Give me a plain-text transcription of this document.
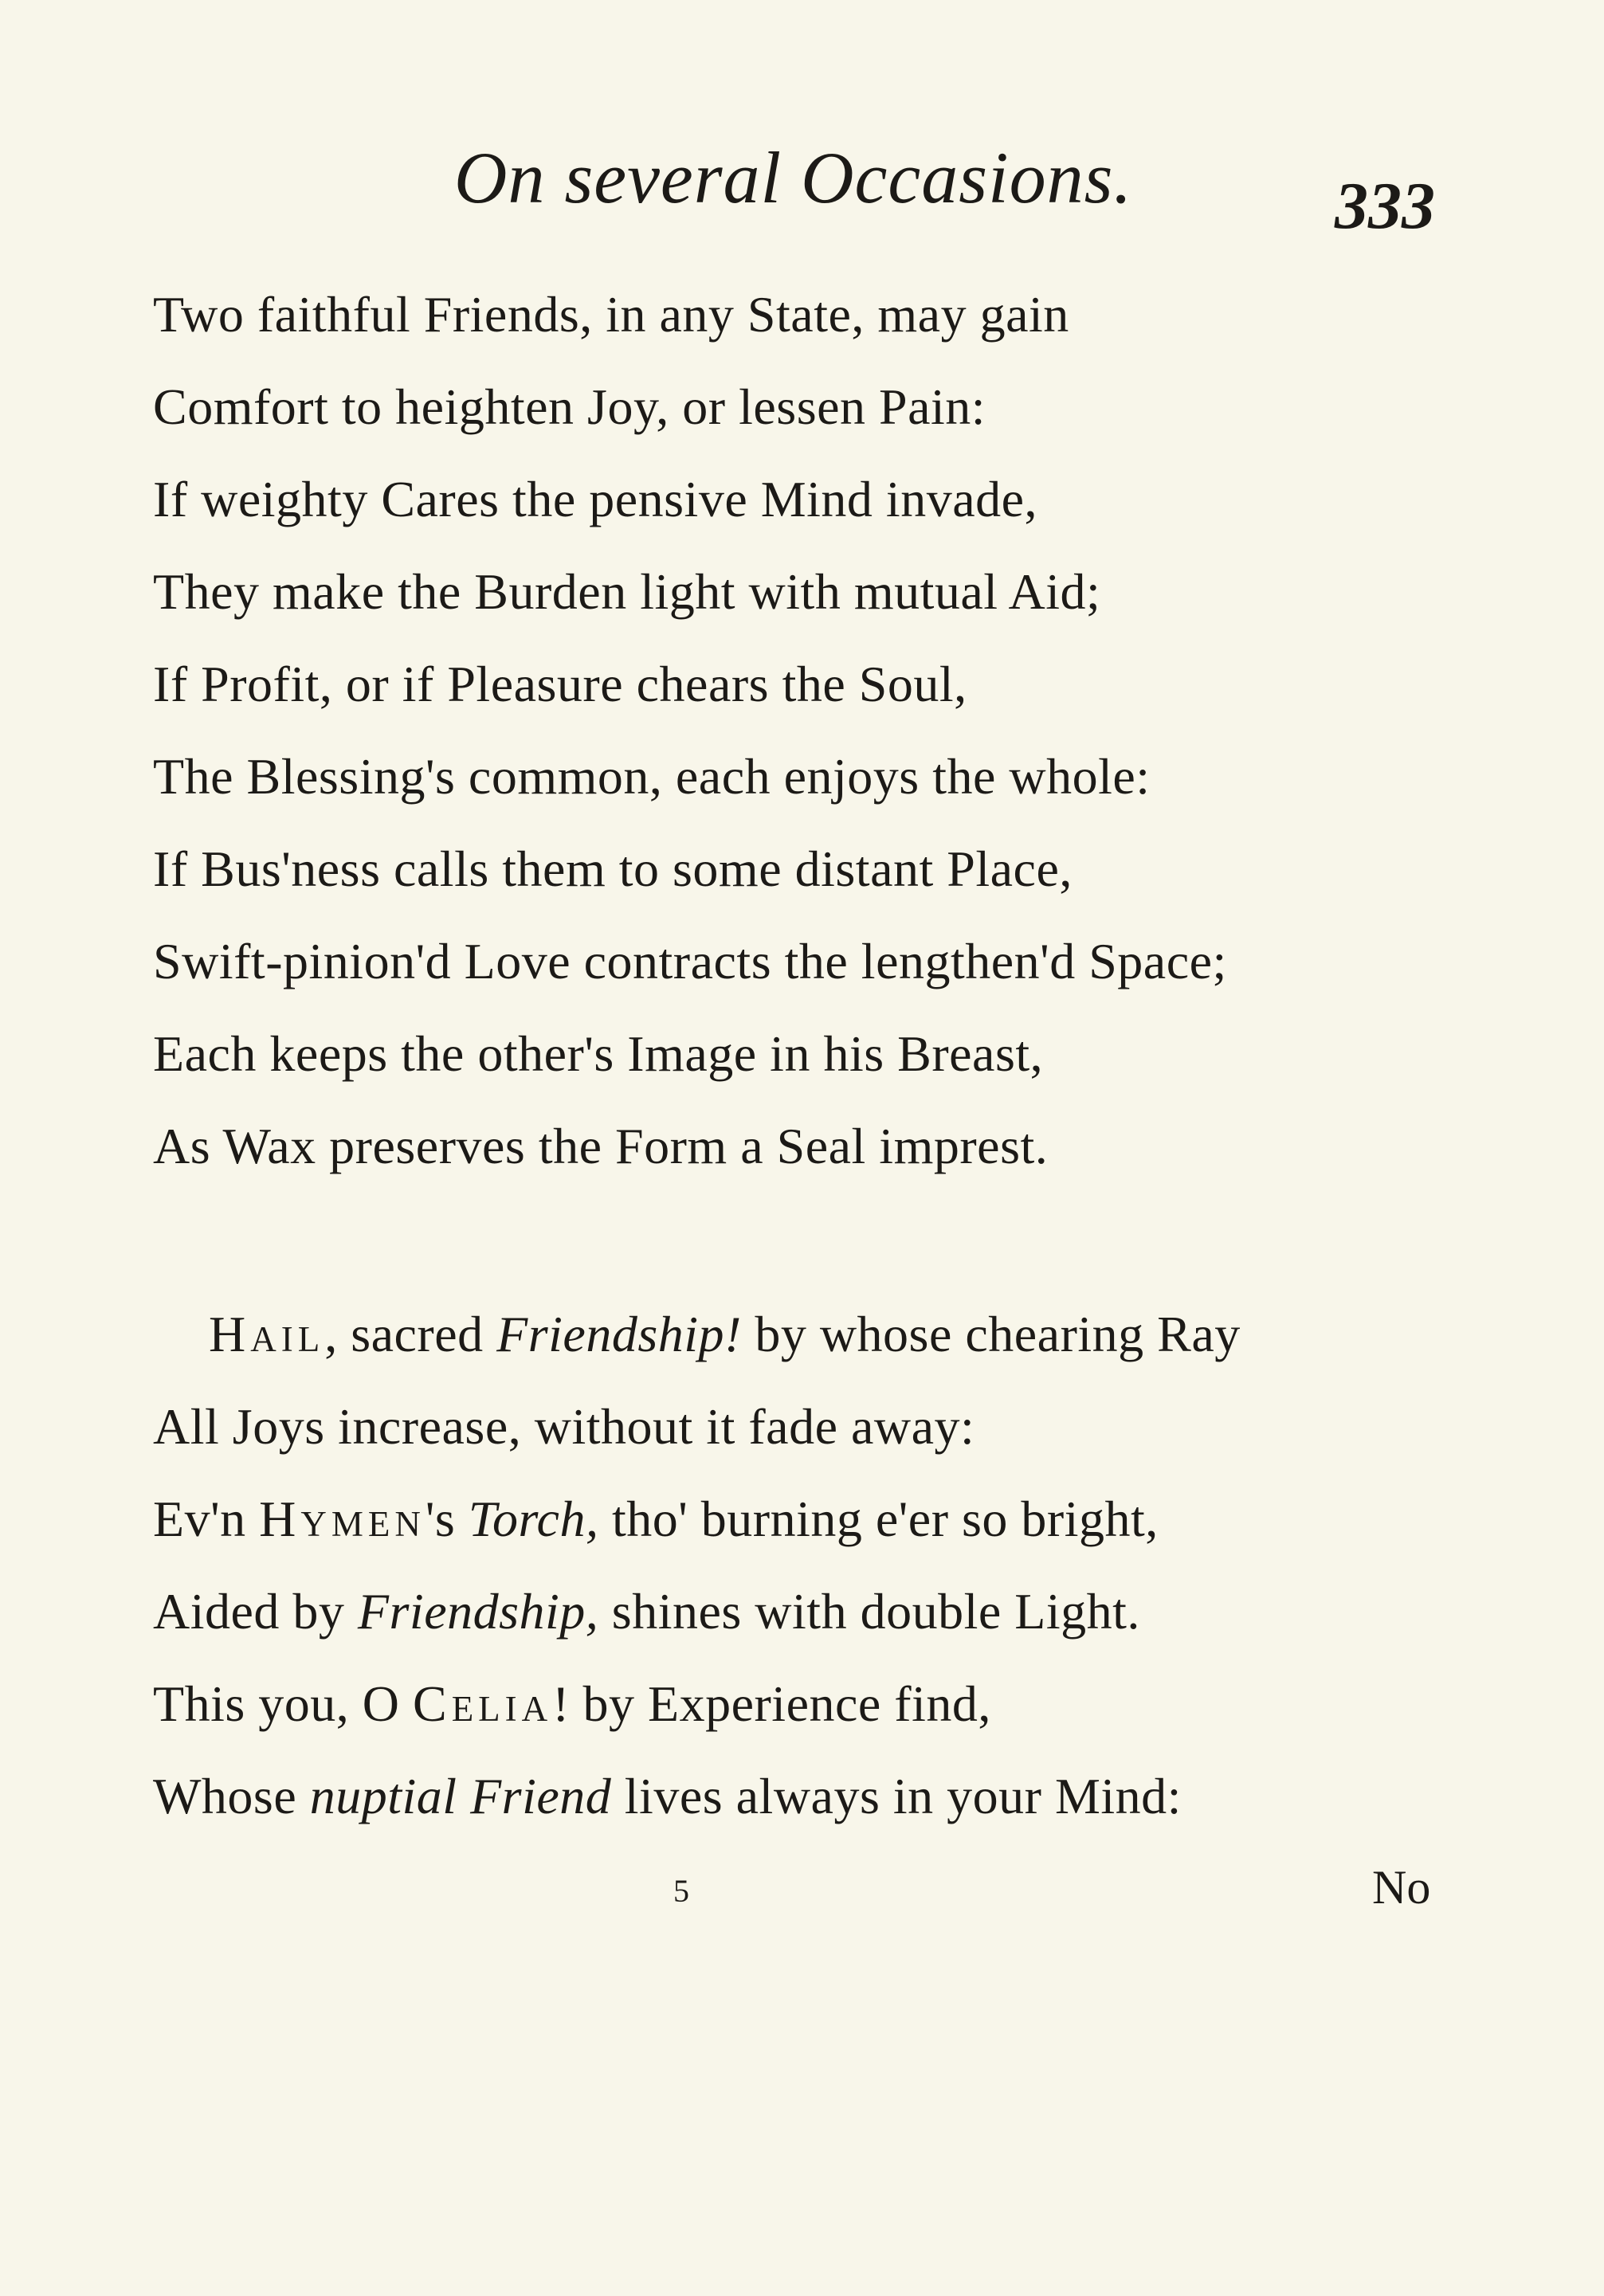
On several Occasions.	333
Two faithful Friends, in any State, may gain
Comfort to heighten Joy, or lessen Pain:
If weighty Cares the pensive Mind invade,
They make the Burden light with mutual Aid;
If Profit, or if Pleasure chears the Soul,
The Blessing's common, each enjoys the whole:
If Bus'ness calls them to some distant Place,
Swift-pinion'd Love contracts the lengthen'd Space;
Each keeps the other's Image in his Breast,
As Wax preserves the Form a Seal imprest.
Hail, sacred Friendship! by whose chearing Ray
All Joys increase, without it fade away:
Ev'n Hymen's Torch, tho' burning e'er so bright,
Aided by Friendship, shines with double Light.
This you, O Celia! by Experience find,
Whose nuptial Friend lives always in your Mind:
5	No
